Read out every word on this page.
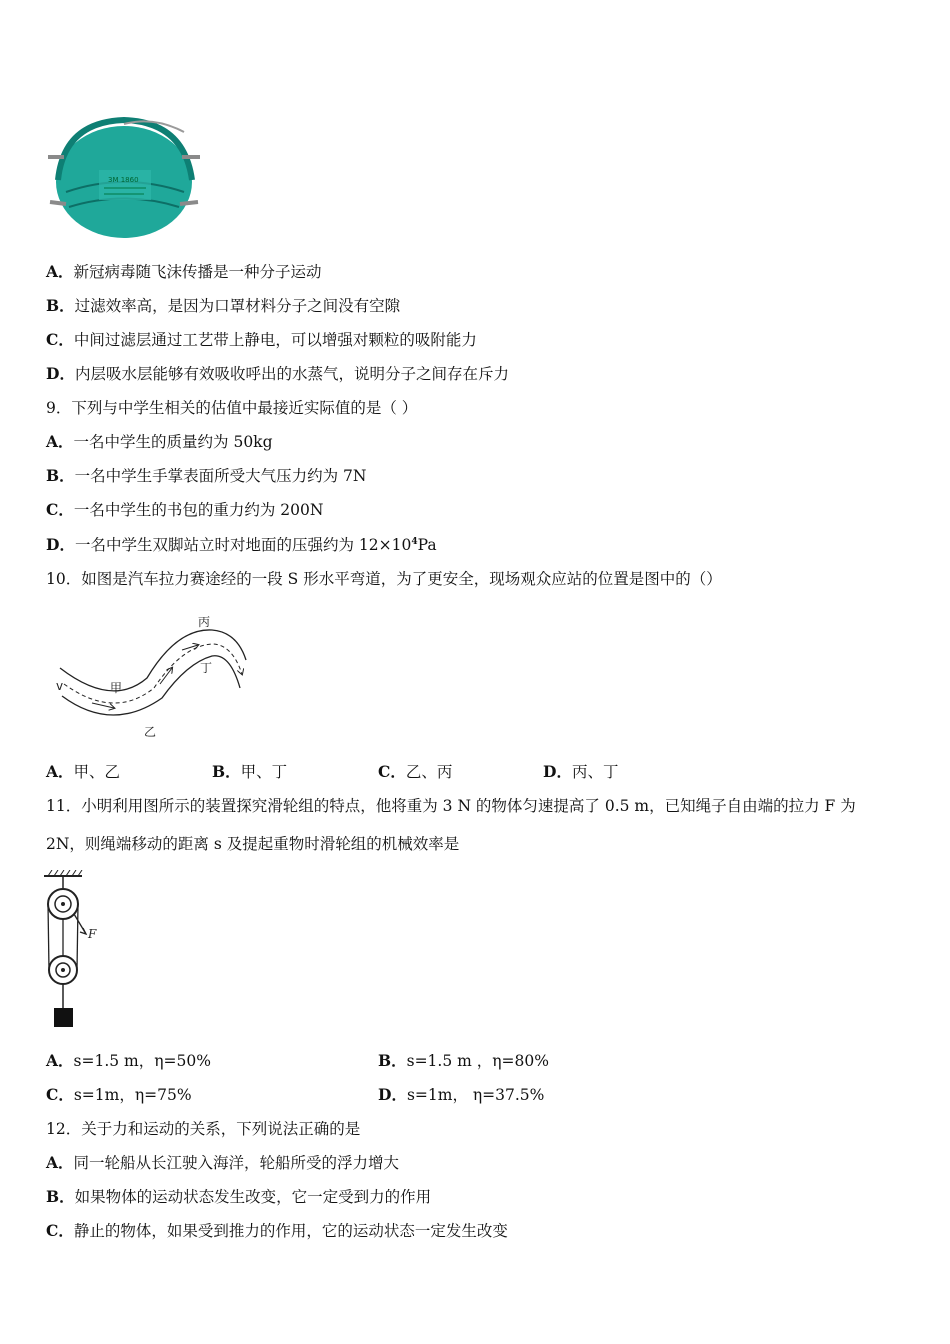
3M 1860
A．新冠病毒随飞沫传播是一种分子运动
B．过滤效率高，是因为口罩材料分子之间没有空隙
C．中间过滤层通过工艺带上静电，可以增强对颗粒的吸附能力
D．内层吸水层能够有效吸收呼出的水蒸气，说明分子之间存在斥力
9．下列与中学生相关的估值中最接近实际值的是（ ）
A．一名中学生的质量约为 50kg
B．一名中学生手掌表面所受大气压力约为 7N
C．一名中学生的书包的重力约为 200N
D．一名中学生双脚站立时对地面的压强约为 $12\times 10^4Pa$
10．如图是汽车拉力赛途经的一段 S 形水平弯道，为了更安全，现场观众应站的位置是图中的（）
v	甲
乙
丙
丁
A．甲、乙	B．甲、丁	C．乙、丙	D．丙、丁
11．小明利用图所示的装置探究滑轮组的特点，他将重为 3 N 的物体匀速提高了 0.5 m，已知绳子自由端的拉力 F 为
2N，则绳端移动的距离 s 及提起重物时滑轮组的机械效率是
F
A．s=1.5 m，η=50%	B．s=1.5 m ，η=80%
C．s=1m，η=75%	D．s=1m， η=37.5%
12．关于力和运动的关系，下列说法正确的是
A．同一轮船从长江驶入海洋，轮船所受的浮力增大
B．如果物体的运动状态发生改变，它一定受到力的作用
C．静止的物体，如果受到推力的作用，它的运动状态一定发生改变
